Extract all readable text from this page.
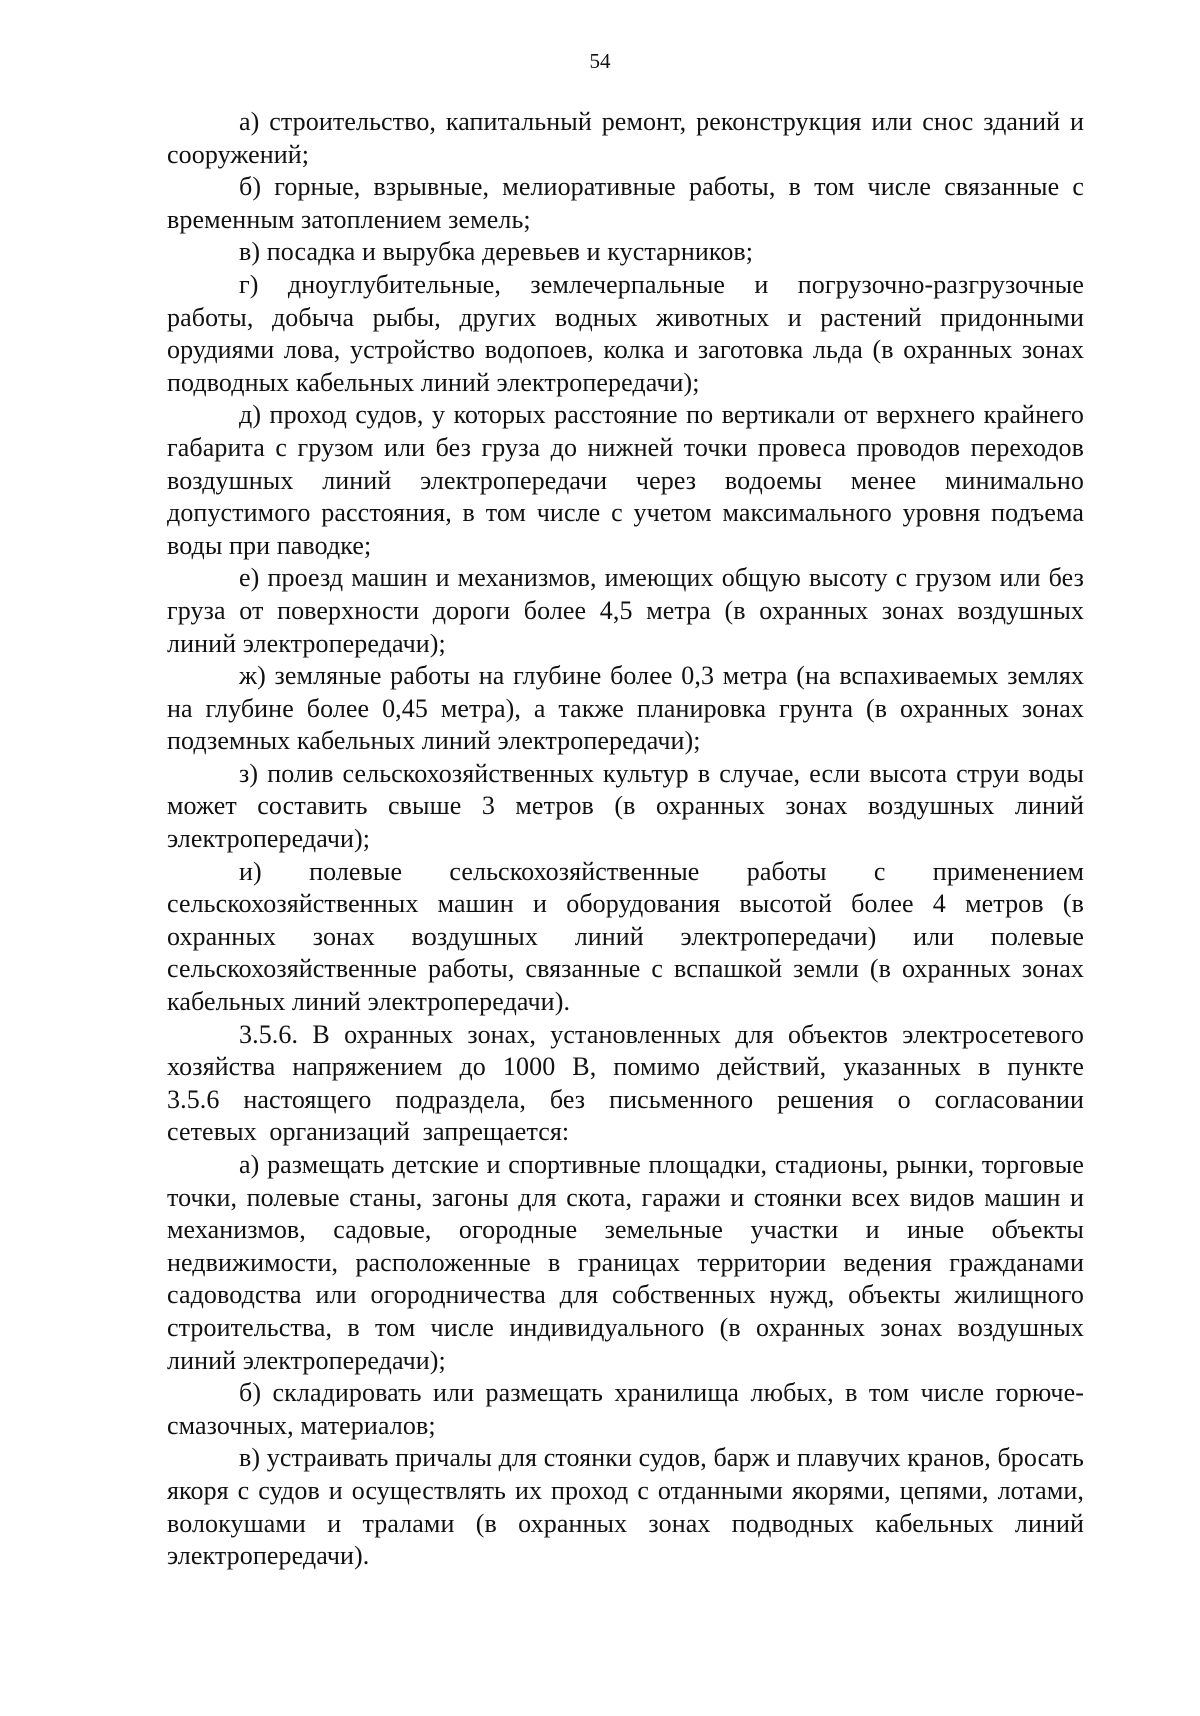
54

а) строительство, капитальный ремонт, реконструкция или снос зданий и сооружений;

б) горные, взрывные, мелиоративные работы, в том числе связанные с временным затоплением земель;

в) посадка и вырубка деревьев и кустарников;

г) дноуглубительные, землечерпальные и погрузочно-разгрузочные работы, добыча рыбы, других водных животных и растений придонными орудиями лова, устройство водопоев, колка и заготовка льда (в охранных зонах подводных кабельных линий электропередачи);

д) проход судов, у которых расстояние по вертикали от верхнего крайнего габарита с грузом или без груза до нижней точки провеса проводов переходов воздушных линий электропередачи через водоемы менее минимально допустимого расстояния, в том числе с учетом максимального уровня подъема воды при паводке;

е) проезд машин и механизмов, имеющих общую высоту с грузом или без груза от поверхности дороги более 4,5 метра (в охранных зонах воздушных линий электропередачи);

ж) земляные работы на глубине более 0,3 метра (на вспахиваемых землях на глубине более 0,45 метра), а также планировка грунта (в охранных зонах подземных кабельных линий электропередачи);

з) полив сельскохозяйственных культур в случае, если высота струи воды может составить свыше 3 метров (в охранных зонах воздушных линий электропередачи);

и) полевые сельскохозяйственные работы с применением сельскохозяйственных машин и оборудования высотой более 4 метров (в охранных зонах воздушных линий электропередачи) или полевые сельскохозяйственные работы, связанные с вспашкой земли (в охранных зонах кабельных линий электропередачи).

3.5.6. В охранных зонах, установленных для объектов электросетевого хозяйства напряжением до 1000 В, помимо действий, указанных в пункте 3.5.6 настоящего подраздела, без письменного решения о согласовании сетевых организаций запрещается:

а) размещать детские и спортивные площадки, стадионы, рынки, торговые точки, полевые станы, загоны для скота, гаражи и стоянки всех видов машин и механизмов, садовые, огородные земельные участки и иные объекты недвижимости, расположенные в границах территории ведения гражданами садоводства или огородничества для собственных нужд, объекты жилищного строительства, в том числе индивидуального (в охранных зонах воздушных линий электропередачи);

б) складировать или размещать хранилища любых, в том числе горюче-смазочных, материалов;

в) устраивать причалы для стоянки судов, барж и плавучих кранов, бросать якоря с судов и осуществлять их проход с отданными якорями, цепями, лотами, волокушами и тралами (в охранных зонах подводных кабельных линий электропередачи).
